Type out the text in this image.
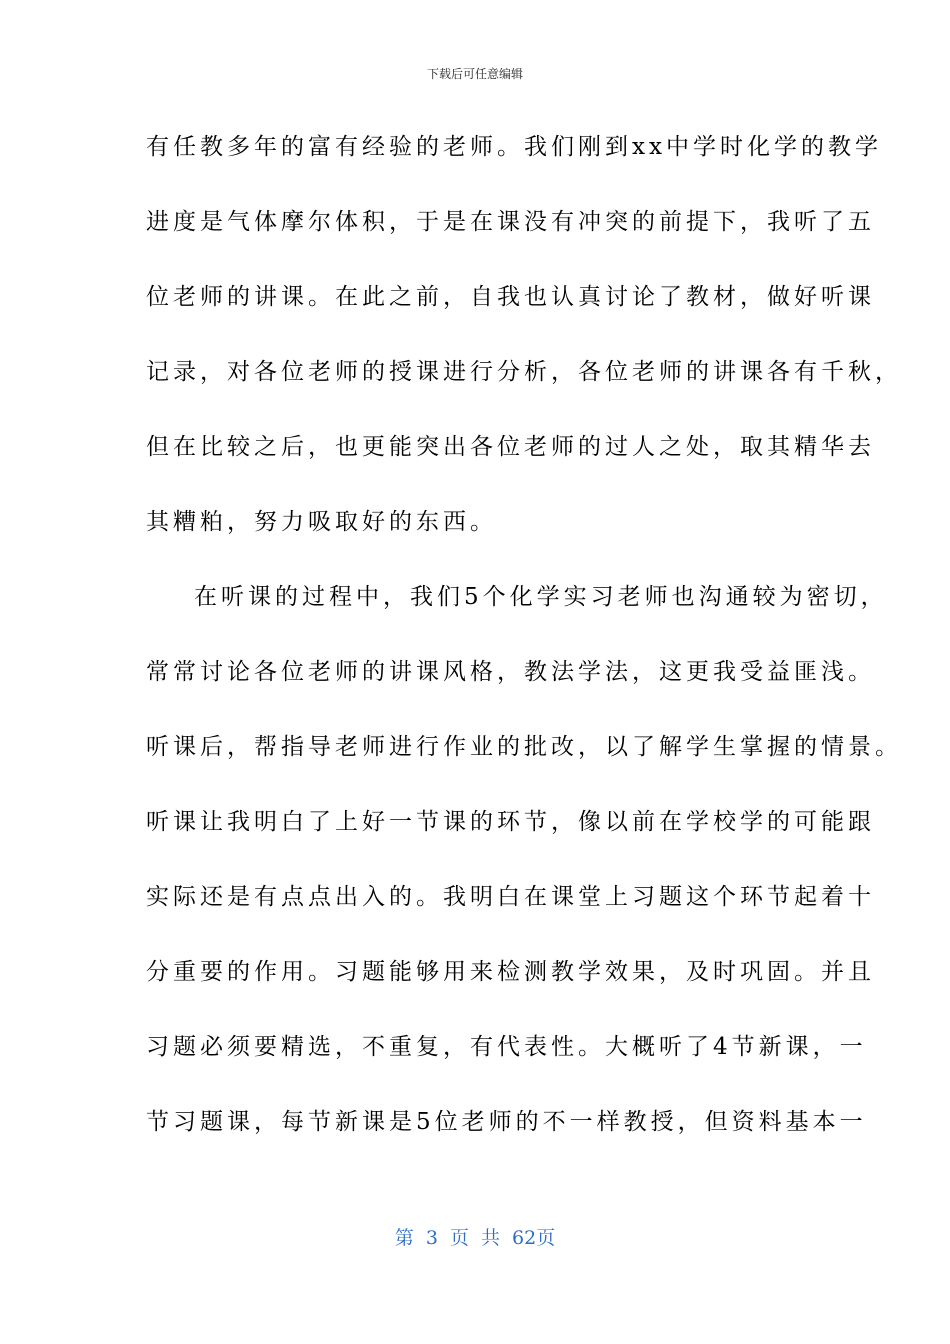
下载后可任意编辑
有任教多年的富有经验的老师。我们刚到xx中学时化学的教学
进度是气体摩尔体积，于是在课没有冲突的前提下，我听了五
位老师的讲课。在此之前，自我也认真讨论了教材，做好听课
记录，对各位老师的授课进行分析，各位老师的讲课各有千秋，
但在比较之后，也更能突出各位老师的过人之处，取其精华去
其糟粕，努力吸取好的东西。
在听课的过程中，我们5个化学实习老师也沟通较为密切，
常常讨论各位老师的讲课风格，教法学法，这更我受益匪浅。
听课后，帮指导老师进行作业的批改，以了解学生掌握的情景。
听课让我明白了上好一节课的环节，像以前在学校学的可能跟
实际还是有点点出入的。我明白在课堂上习题这个环节起着十
分重要的作用。习题能够用来检测教学效果，及时巩固。并且
习题必须要精选，不重复，有代表性。大概听了4节新课，一
节习题课，每节新课是5位老师的不一样教授，但资料基本一
第 3 页 共 62页
